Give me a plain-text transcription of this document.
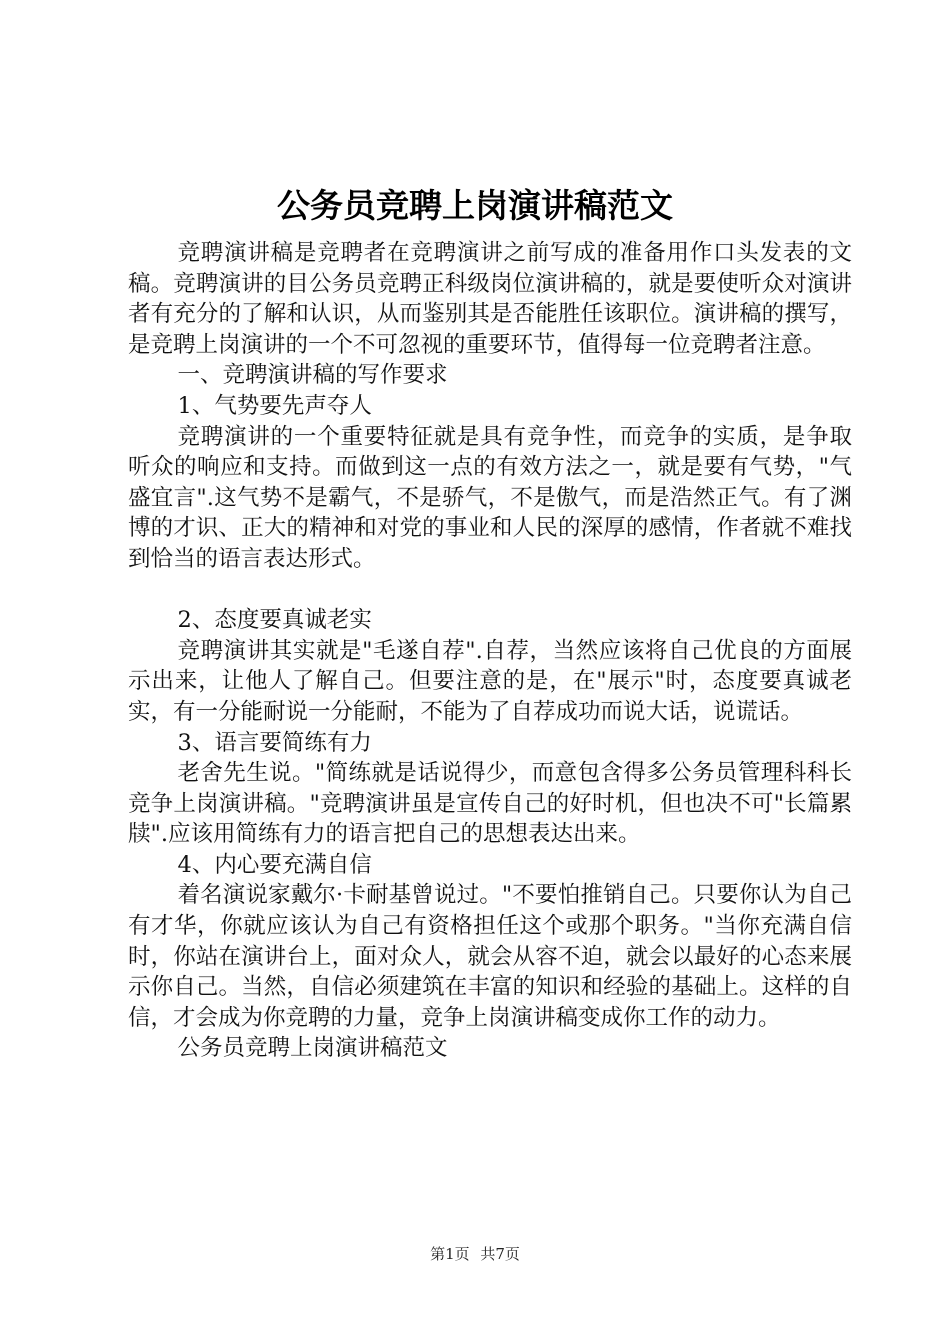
公务员竞聘上岗演讲稿范文

竞聘演讲稿是竞聘者在竞聘演讲之前写成的准备用作口头发表的文稿。竞聘演讲的目公务员竞聘正科级岗位演讲稿的，就是要使听众对演讲者有充分的了解和认识，从而鉴别其是否能胜任该职位。演讲稿的撰写，是竞聘上岗演讲的一个不可忽视的重要环节，值得每一位竞聘者注意。

一、竞聘演讲稿的写作要求

1、气势要先声夺人

竞聘演讲的一个重要特征就是具有竞争性，而竞争的实质，是争取听众的响应和支持。而做到这一点的有效方法之一，就是要有气势，"气盛宜言".这气势不是霸气，不是骄气，不是傲气，而是浩然正气。有了渊博的才识、正大的精神和对党的事业和人民的深厚的感情，作者就不难找到恰当的语言表达形式。

2、态度要真诚老实

竞聘演讲其实就是"毛遂自荐".自荐，当然应该将自己优良的方面展示出来，让他人了解自己。但要注意的是，在"展示"时，态度要真诚老实，有一分能耐说一分能耐，不能为了自荐成功而说大话，说谎话。

3、语言要简练有力

老舍先生说。"简练就是话说得少，而意包含得多公务员管理科科长竞争上岗演讲稿。"竞聘演讲虽是宣传自己的好时机，但也决不可"长篇累牍".应该用简练有力的语言把自己的思想表达出来。

4、内心要充满自信

着名演说家戴尔·卡耐基曾说过。"不要怕推销自己。只要你认为自己有才华，你就应该认为自己有资格担任这个或那个职务。"当你充满自信时，你站在演讲台上，面对众人，就会从容不迫，就会以最好的心态来展示你自己。当然，自信必须建筑在丰富的知识和经验的基础上。这样的自信，才会成为你竞聘的力量，竞争上岗演讲稿变成你工作的动力。

公务员竞聘上岗演讲稿范文

第1页 共7页
